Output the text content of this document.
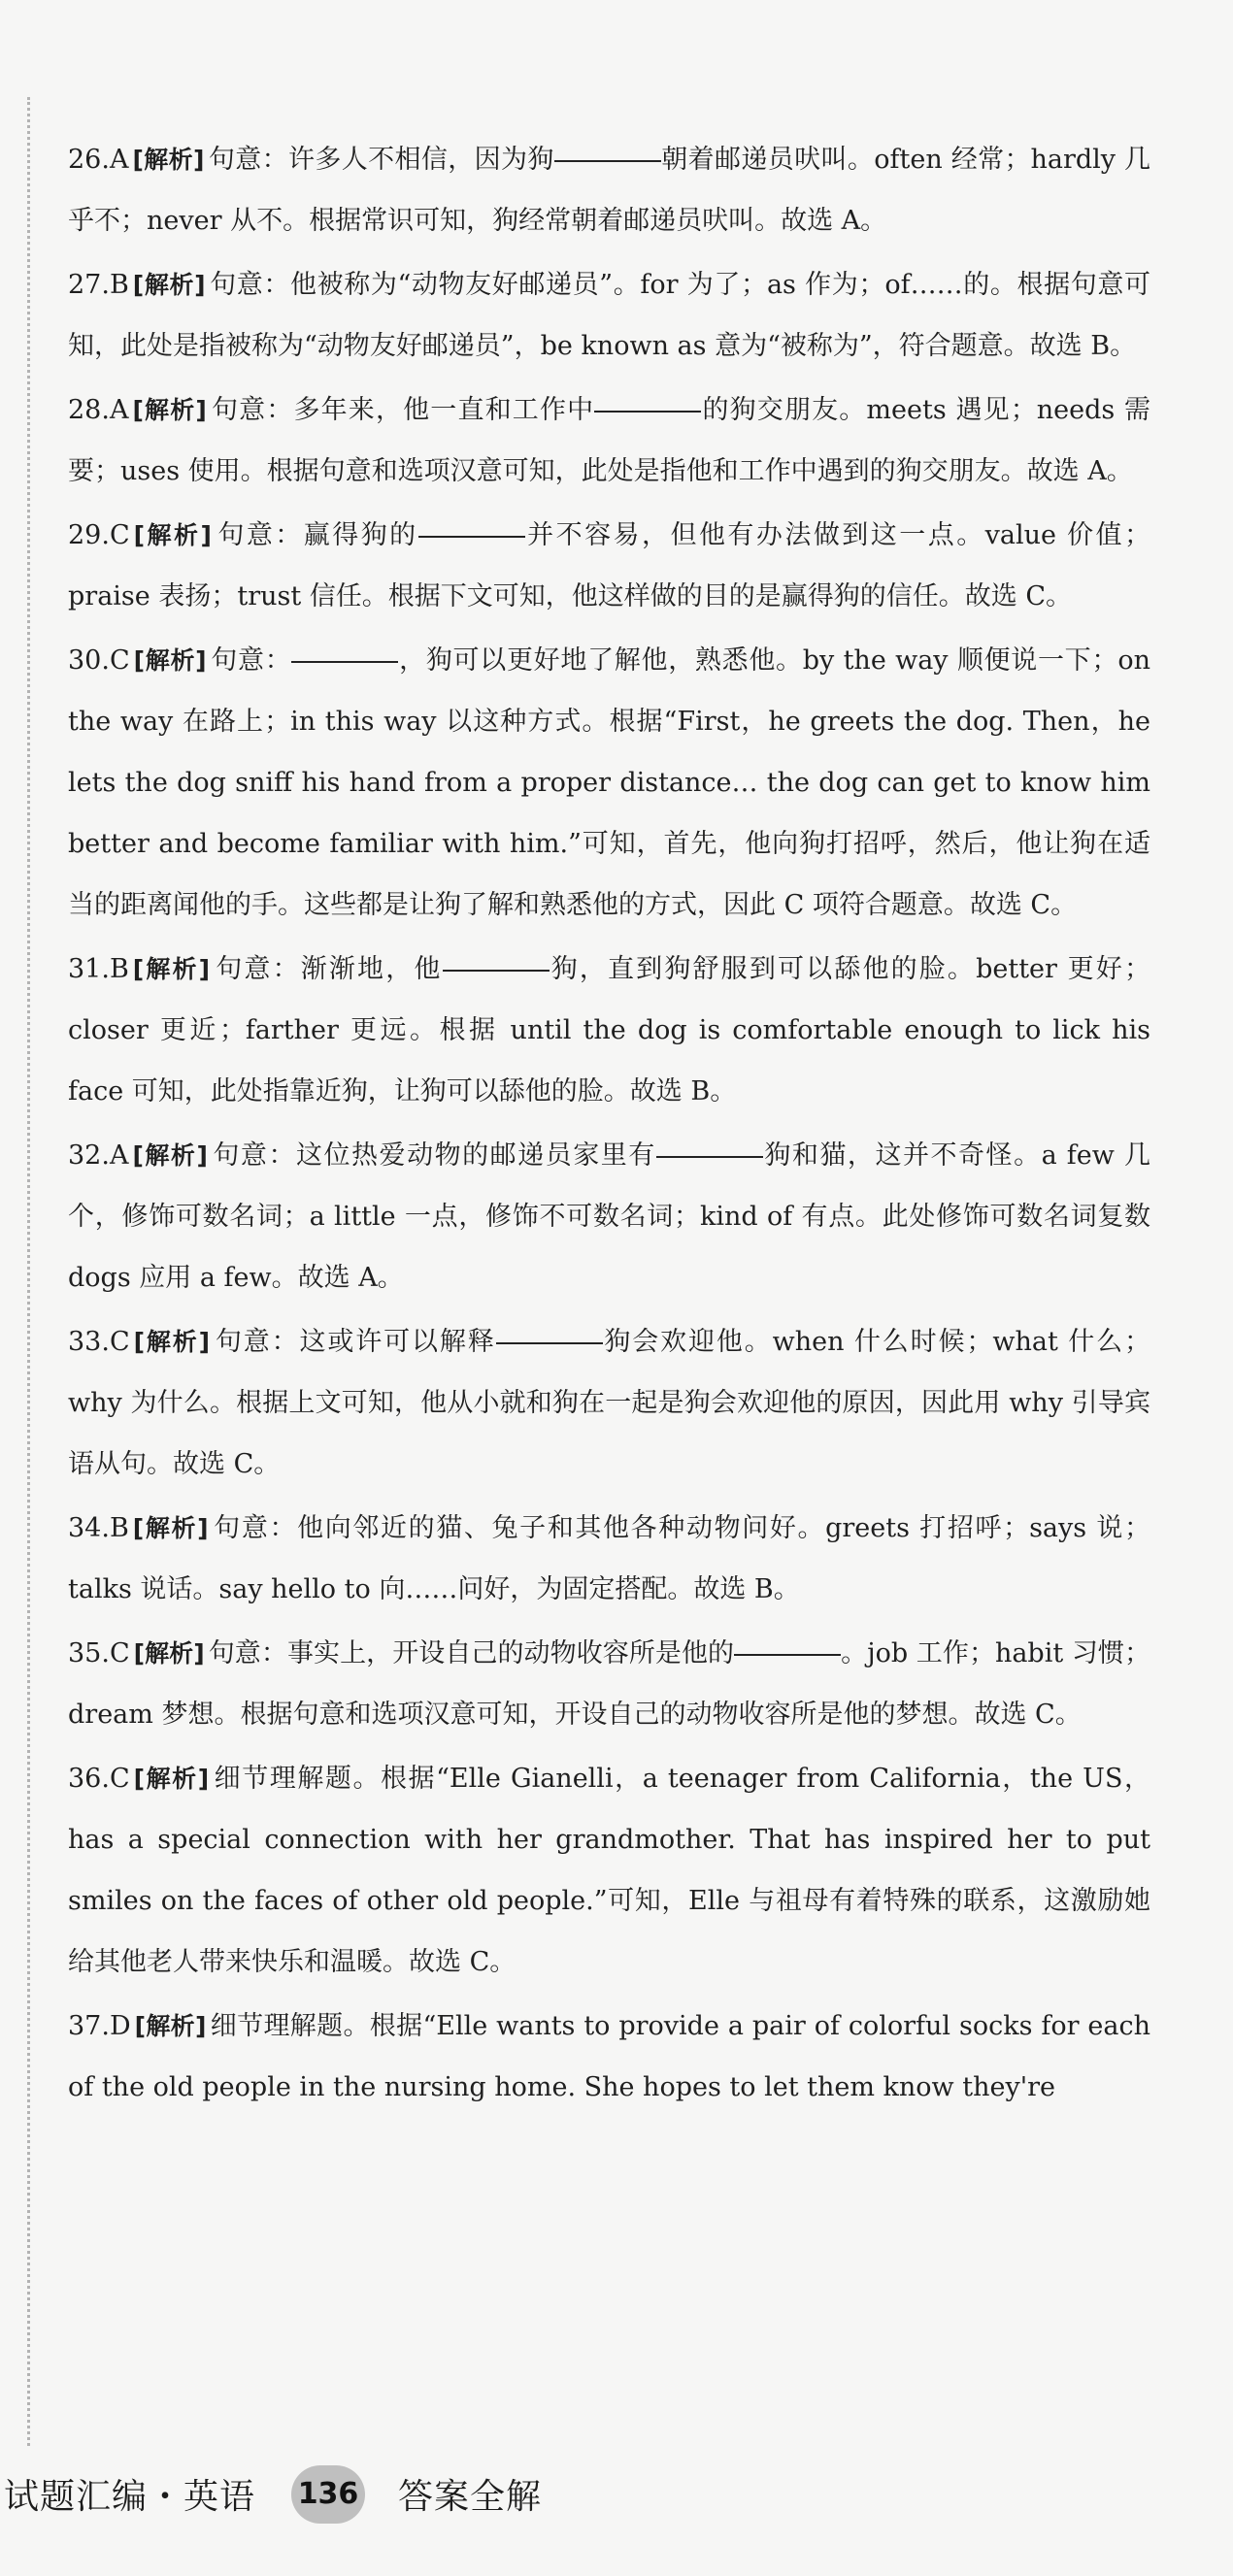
26.A [解析] 句意：许多人不相信，因为狗	朝着邮递员吠叫。often 经常；hardly 几乎不；never 从不。根据常识可知，狗经常朝着邮递员吠叫。故选 A。
27.B [解析] 句意：他被称为“动物友好邮递员”。for 为了；as 作为；of……的。根据句意可知，此处是指被称为“动物友好邮递员”，be known as 意为“被称为”，符合题意。故选 B。
28.A [解析] 句意：多年来，他一直和工作中	的狗交朋友。meets 遇见；needs 需要；uses 使用。根据句意和选项汉意可知，此处是指他和工作中遇到的狗交朋友。故选 A。
29.C [解析] 句意：赢得狗的	并不容易，但他有办法做到这一点。value 价值；praise 表扬；trust 信任。根据下文可知，他这样做的目的是赢得狗的信任。故选 C。
30.C [解析] 句意：	，狗可以更好地了解他，熟悉他。by the way 顺便说一下；on the way 在路上；in this way 以这种方式。根据“First，he greets the dog. Then，he lets the dog sniff his hand from a proper distance… the dog can get to know him better and become familiar with him.”可知，首先，他向狗打招呼，然后，他让狗在适当的距离闻他的手。这些都是让狗了解和熟悉他的方式，因此 C 项符合题意。故选 C。
31.B [解析] 句意：渐渐地，他	狗，直到狗舒服到可以舔他的脸。better 更好；closer 更近；farther 更远。根据 until the dog is comfortable enough to lick his face 可知，此处指靠近狗，让狗可以舔他的脸。故选 B。
32.A [解析] 句意：这位热爱动物的邮递员家里有	狗和猫，这并不奇怪。a few 几个，修饰可数名词；a little 一点，修饰不可数名词；kind of 有点。此处修饰可数名词复数 dogs 应用 a few。故选 A。
33.C [解析] 句意：这或许可以解释	狗会欢迎他。when 什么时候；what 什么；why 为什么。根据上文可知，他从小就和狗在一起是狗会欢迎他的原因，因此用 why 引导宾语从句。故选 C。
34.B [解析] 句意：他向邻近的猫、兔子和其他各种动物问好。greets 打招呼；says 说；talks 说话。say hello to 向……问好，为固定搭配。故选 B。
35.C [解析] 句意：事实上，开设自己的动物收容所是他的	。job 工作；habit 习惯；dream 梦想。根据句意和选项汉意可知，开设自己的动物收容所是他的梦想。故选 C。
36.C [解析] 细节理解题。根据“Elle Gianelli，a teenager from California，the US，has a special connection with her grandmother. That has inspired her to put smiles on the faces of other old people.”可知，Elle 与祖母有着特殊的联系，这激励她给其他老人带来快乐和温暖。故选 C。
37.D [解析] 细节理解题。根据“Elle wants to provide a pair of colorful socks for each of the old people in the nursing home. She hopes to let them know they're
试题汇编・英语 136 答案全解
